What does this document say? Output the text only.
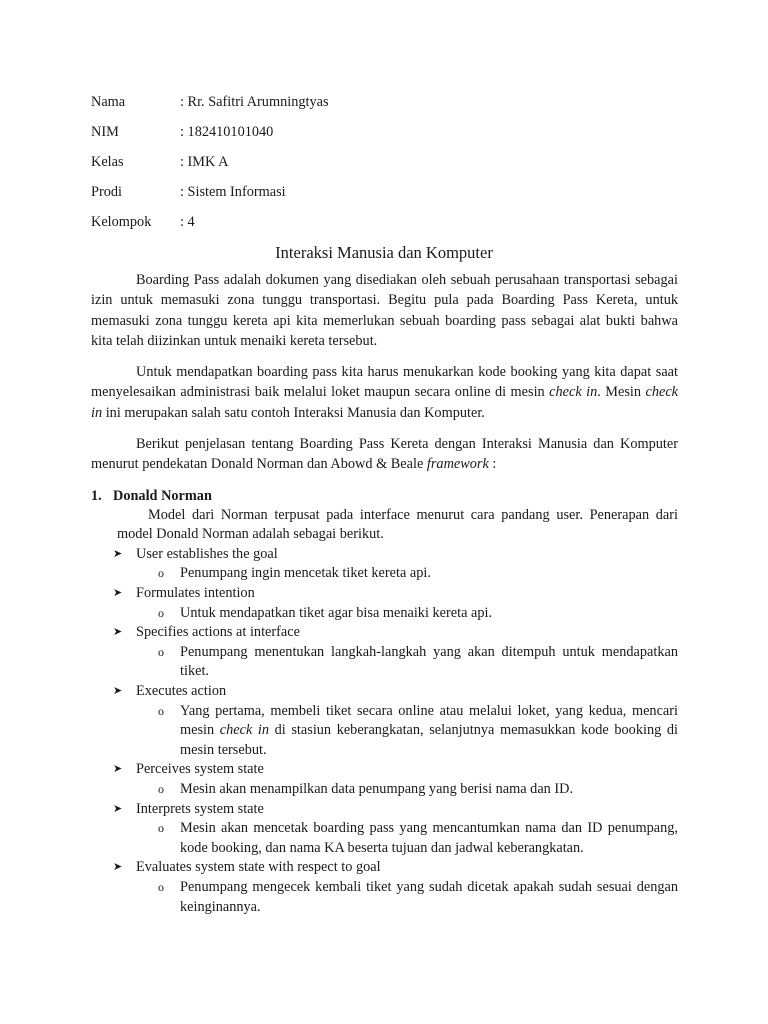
Nama	: Rr. Safitri Arumningtyas
NIM	: 182410101040
Kelas	: IMK A
Prodi	: Sistem Informasi
Kelompok	: 4
Interaksi Manusia dan Komputer

Boarding Pass adalah dokumen yang disediakan oleh sebuah perusahaan transportasi sebagai izin untuk memasuki zona tunggu transportasi. Begitu pula pada Boarding Pass Kereta, untuk memasuki zona tunggu kereta api kita memerlukan sebuah boarding pass sebagai alat bukti bahwa kita telah diizinkan untuk menaiki kereta tersebut.

Untuk mendapatkan boarding pass kita harus menukarkan kode booking yang kita dapat saat menyelesaikan administrasi baik melalui loket maupun secara online di mesin check in. Mesin check in ini merupakan salah satu contoh Interaksi Manusia dan Komputer.

Berikut penjelasan tentang Boarding Pass Kereta dengan Interaksi Manusia dan Komputer menurut pendekatan Donald Norman dan Abowd & Beale framework :

1. Donald Norman

Model dari Norman terpusat pada interface menurut cara pandang user. Penerapan dari model Donald Norman adalah sebagai berikut.

➤ User establishes the goal
o	Penumpang ingin mencetak tiket kereta api.
➤ Formulates intention
o	Untuk mendapatkan tiket agar bisa menaiki kereta api.
➤ Specifies actions at interface
o	Penumpang menentukan langkah-langkah yang akan ditempuh untuk mendapatkan tiket.
➤ Executes action
o	Yang pertama, membeli tiket secara online atau melalui loket, yang kedua, mencari mesin check in di stasiun keberangkatan, selanjutnya memasukkan kode booking di mesin tersebut.
➤ Perceives system state
o	Mesin akan menampilkan data penumpang yang berisi nama dan ID.
➤ Interprets system state
o	Mesin akan mencetak boarding pass yang mencantumkan nama dan ID penumpang, kode booking, dan nama KA beserta tujuan dan jadwal keberangkatan.
➤ Evaluates system state with respect to goal
o	Penumpang mengecek kembali tiket yang sudah dicetak apakah sudah sesuai dengan keinginannya.
